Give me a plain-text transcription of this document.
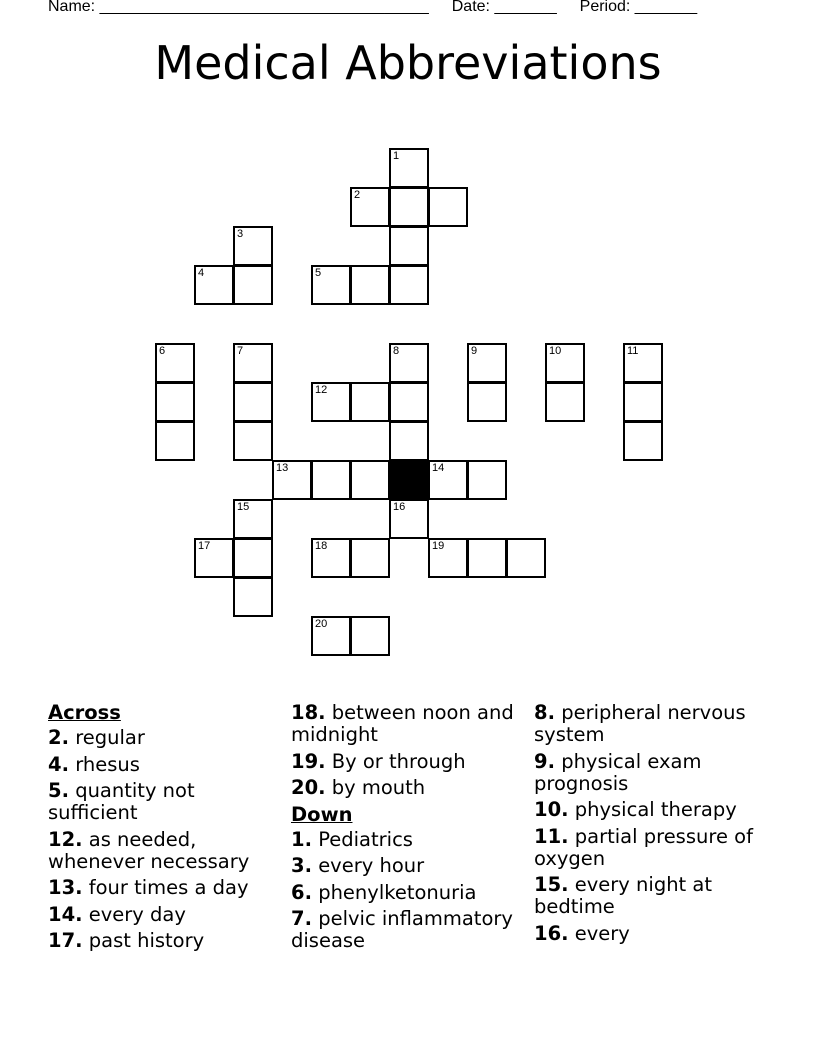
Name: _____________________________________ Date: _______ Period: _______
Medical Abbreviations
1
2
3
4	5
6	7	8	9	10	11
12
13	14
15	16
17	18	19
20
Across
2. regular
4. rhesus
5. quantity not sufficient
12. as needed, whenever necessary
13. four times a day
14. every day
17. past history
18. between noon and midnight
19. By or through
20. by mouth
Down
1. Pediatrics
3. every hour
6. phenylketonuria
7. pelvic inflammatory disease
8. peripheral nervous system
9. physical exam prognosis
10. physical therapy
11. partial pressure of oxygen
15. every night at bedtime
16. every
